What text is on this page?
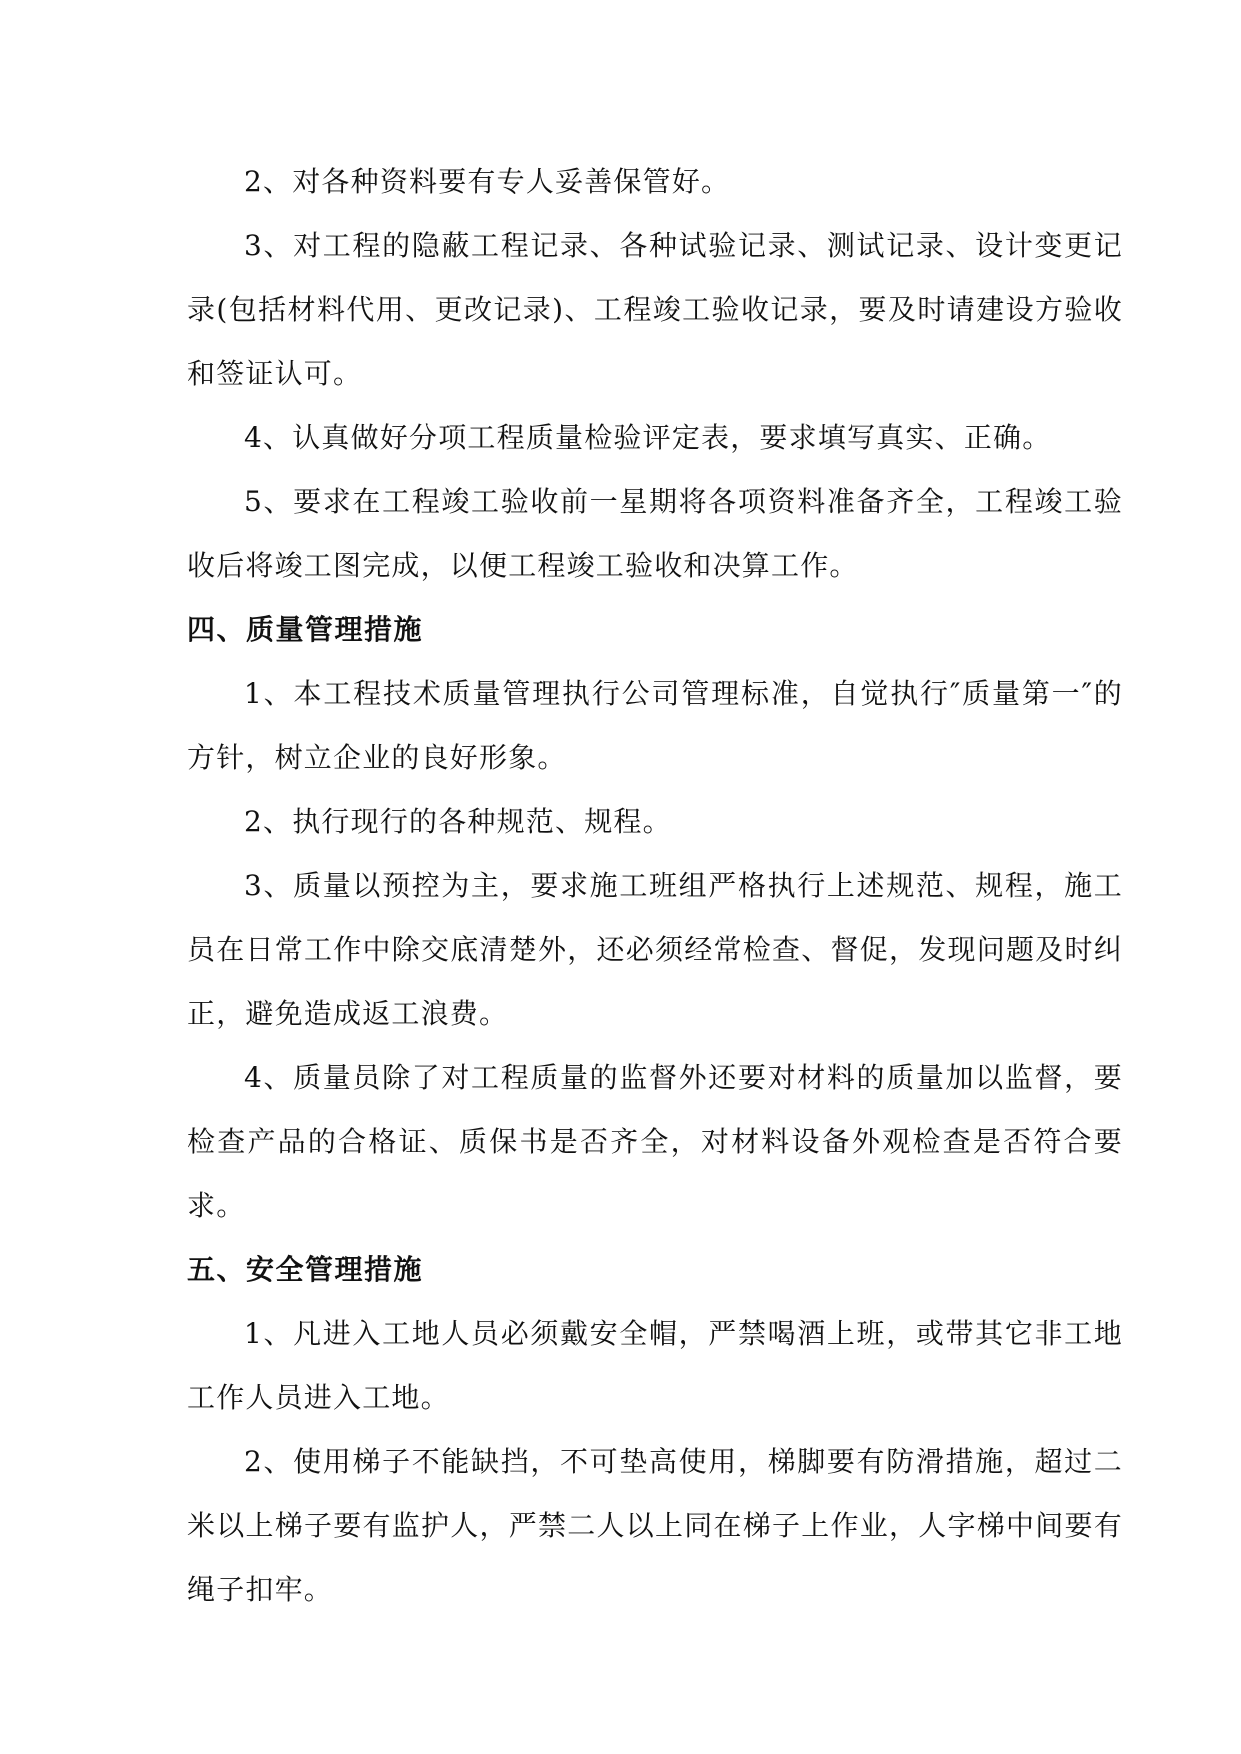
2、对各种资料要有专人妥善保管好。

3、对工程的隐蔽工程记录、各种试验记录、测试记录、设计变更记录(包括材料代用、更改记录)、工程竣工验收记录，要及时请建设方验收和签证认可。

4、认真做好分项工程质量检验评定表，要求填写真实、正确。

5、要求在工程竣工验收前一星期将各项资料准备齐全，工程竣工验收后将竣工图完成，以便工程竣工验收和决算工作。

四、质量管理措施

1、本工程技术质量管理执行公司管理标准，自觉执行″质量第一″的方针，树立企业的良好形象。

2、执行现行的各种规范、规程。

3、质量以预控为主，要求施工班组严格执行上述规范、规程，施工员在日常工作中除交底清楚外，还必须经常检查、督促，发现问题及时纠正，避免造成返工浪费。

4、质量员除了对工程质量的监督外还要对材料的质量加以监督，要检查产品的合格证、质保书是否齐全，对材料设备外观检查是否符合要求。

五、安全管理措施

1、凡进入工地人员必须戴安全帽，严禁喝酒上班，或带其它非工地工作人员进入工地。

2、使用梯子不能缺挡，不可垫高使用，梯脚要有防滑措施，超过二米以上梯子要有监护人，严禁二人以上同在梯子上作业，人字梯中间要有绳子扣牢。
